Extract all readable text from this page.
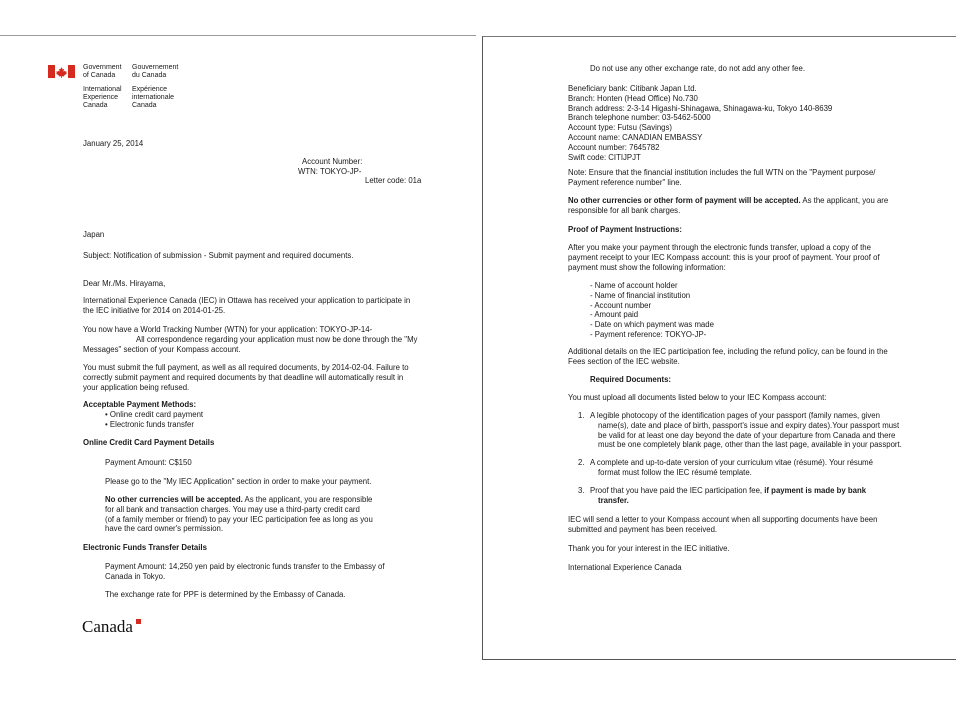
Government
of Canada
Gouvernement
du Canada
International
Experience
Canada
Expérience
internationale
Canada
January 25, 2014
Account Number:
WTN: TOKYO-JP-
Letter code: 01a
Japan
Subject: Notification of submission - Submit payment and required documents.
Dear Mr./Ms. Hirayama,
International Experience Canada (IEC) in Ottawa has received your application to participate in
the IEC initiative for 2014 on 2014-01-25.
You now have a World Tracking Number (WTN) for your application: TOKYO-JP-14-
All correspondence regarding your application must now be done through the "My
Messages" section of your Kompass account.
You must submit the full payment, as well as all required documents, by 2014-02-04. Failure to
correctly submit payment and required documents by that deadline will automatically result in
your application being refused.
Acceptable Payment Methods:
• Online credit card payment
• Electronic funds transfer
Online Credit Card Payment Details
Payment Amount: C$150
Please go to the "My IEC Application" section in order to make your payment.
No other currencies will be accepted. As the applicant, you are responsible
for all bank and transaction charges. You may use a third-party credit card
(of a family member or friend) to pay your IEC participation fee as long as you
have the card owner's permission.
Electronic Funds Transfer Details
Payment Amount: 14,250 yen paid by electronic funds transfer to the Embassy of
Canada in Tokyo.
The exchange rate for PPF is determined by the Embassy of Canada.
Canada
Do not use any other exchange rate, do not add any other fee.
Beneficiary bank: Citibank Japan Ltd.
Branch: Honten (Head Office) No.730
Branch address: 2-3-14 Higashi-Shinagawa, Shinagawa-ku, Tokyo 140-8639
Branch telephone number: 03-5462-5000
Account type: Futsu (Savings)
Account name: CANADIAN EMBASSY
Account number: 7645782
Swift code: CITIJPJT
Note: Ensure that the financial institution includes the full WTN on the "Payment purpose/
Payment reference number" line.
No other currencies or other form of payment will be accepted. As the applicant, you are
responsible for all bank charges.
Proof of Payment Instructions:
After you make your payment through the electronic funds transfer, upload a copy of the
payment receipt to your IEC Kompass account: this is your proof of payment. Your proof of
payment must show the following information:
- Name of account holder
- Name of financial institution
- Account number
- Amount paid
- Date on which payment was made
- Payment reference: TOKYO-JP-
Additional details on the IEC participation fee, including the refund policy, can be found in the
Fees section of the IEC website.
Required Documents:
You must upload all documents listed below to your IEC Kompass account:
1. A legible photocopy of the identification pages of your passport (family names, given
name(s), date and place of birth, passport's issue and expiry dates).Your passport must
be valid for at least one day beyond the date of your departure from Canada and there
must be one completely blank page, other than the last page, available in your passport.
2. A complete and up-to-date version of your curriculum vitae (résumé). Your résumé
format must follow the IEC résumé template.
3. Proof that you have paid the IEC participation fee, if payment is made by bank
transfer.
IEC will send a letter to your Kompass account when all supporting documents have been
submitted and payment has been received.
Thank you for your interest in the IEC initiative.
International Experience Canada
